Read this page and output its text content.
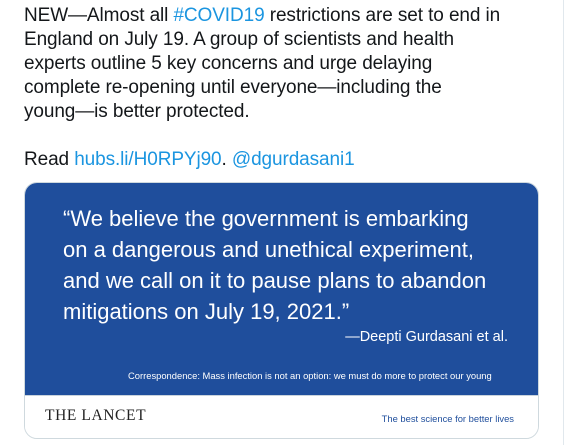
NEW—Almost all #COVID19 restrictions are set to end in
England on July 19. A group of scientists and health
experts outline 5 key concerns and urge delaying
complete re-opening until everyone—including the
young—is better protected.
Read hubs.li/H0RPYj90. @dgurdasani1
“We believe the government is embarking
on a dangerous and unethical experiment,
and we call on it to pause plans to abandon
mitigations on July 19, 2021.”
—Deepti Gurdasani et al.
Correspondence: Mass infection is not an option: we must do more to protect our young
THE LANCET	The best science for better lives
